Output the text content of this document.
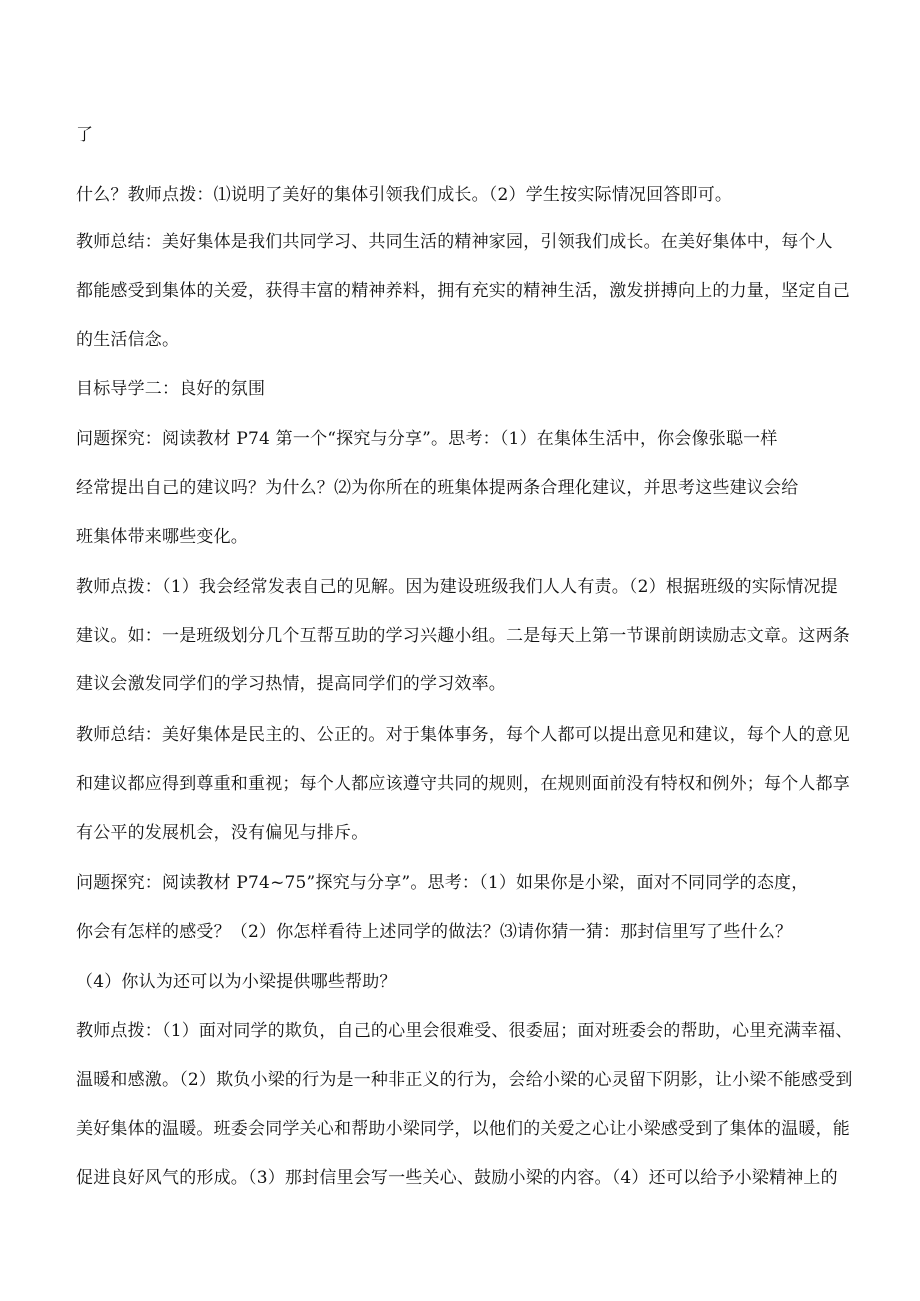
了
什么？教师点拨：⑴说明了美好的集体引领我们成长。（2）学生按实际情况回答即可。
教师总结：美好集体是我们共同学习、共同生活的精神家园，引领我们成长。在美好集体中，每个人
都能感受到集体的关爱，获得丰富的精神养料，拥有充实的精神生活，激发拼搏向上的力量，坚定自己
的生活信念。
目标导学二：良好的氛围
问题探究：阅读教材 P74 第一个“探究与分享”。思考：（1）在集体生活中，你会像张聪一样
经常提出自己的建议吗？为什么？⑵为你所在的班集体提两条合理化建议，并思考这些建议会给
班集体带来哪些变化。
教师点拨：（1）我会经常发表自己的见解。因为建设班级我们人人有责。（2）根据班级的实际情况提
建议。如：一是班级划分几个互帮互助的学习兴趣小组。二是每天上第一节课前朗读励志文章。这两条
建议会激发同学们的学习热情，提高同学们的学习效率。
教师总结：美好集体是民主的、公正的。对于集体事务，每个人都可以提出意见和建议，每个人的意见
和建议都应得到尊重和重视；每个人都应该遵守共同的规则，在规则面前没有特权和例外；每个人都享
有公平的发展机会，没有偏见与排斥。
问题探究：阅读教材 P74~75”探究与分享”。思考：（1）如果你是小梁，面对不同同学的态度，
你会有怎样的感受？（2）你怎样看待上述同学的做法？⑶请你猜一猜：那封信里写了些什么？
（4）你认为还可以为小梁提供哪些帮助？
教师点拨：（1）面对同学的欺负，自己的心里会很难受、很委屈；面对班委会的帮助，心里充满幸福、
温暖和感激。（2）欺负小梁的行为是一种非正义的行为，会给小梁的心灵留下阴影，让小梁不能感受到
美好集体的温暖。班委会同学关心和帮助小梁同学，以他们的关爱之心让小梁感受到了集体的温暖，能
促进良好风气的形成。（3）那封信里会写一些关心、鼓励小梁的内容。（4）还可以给予小梁精神上的
